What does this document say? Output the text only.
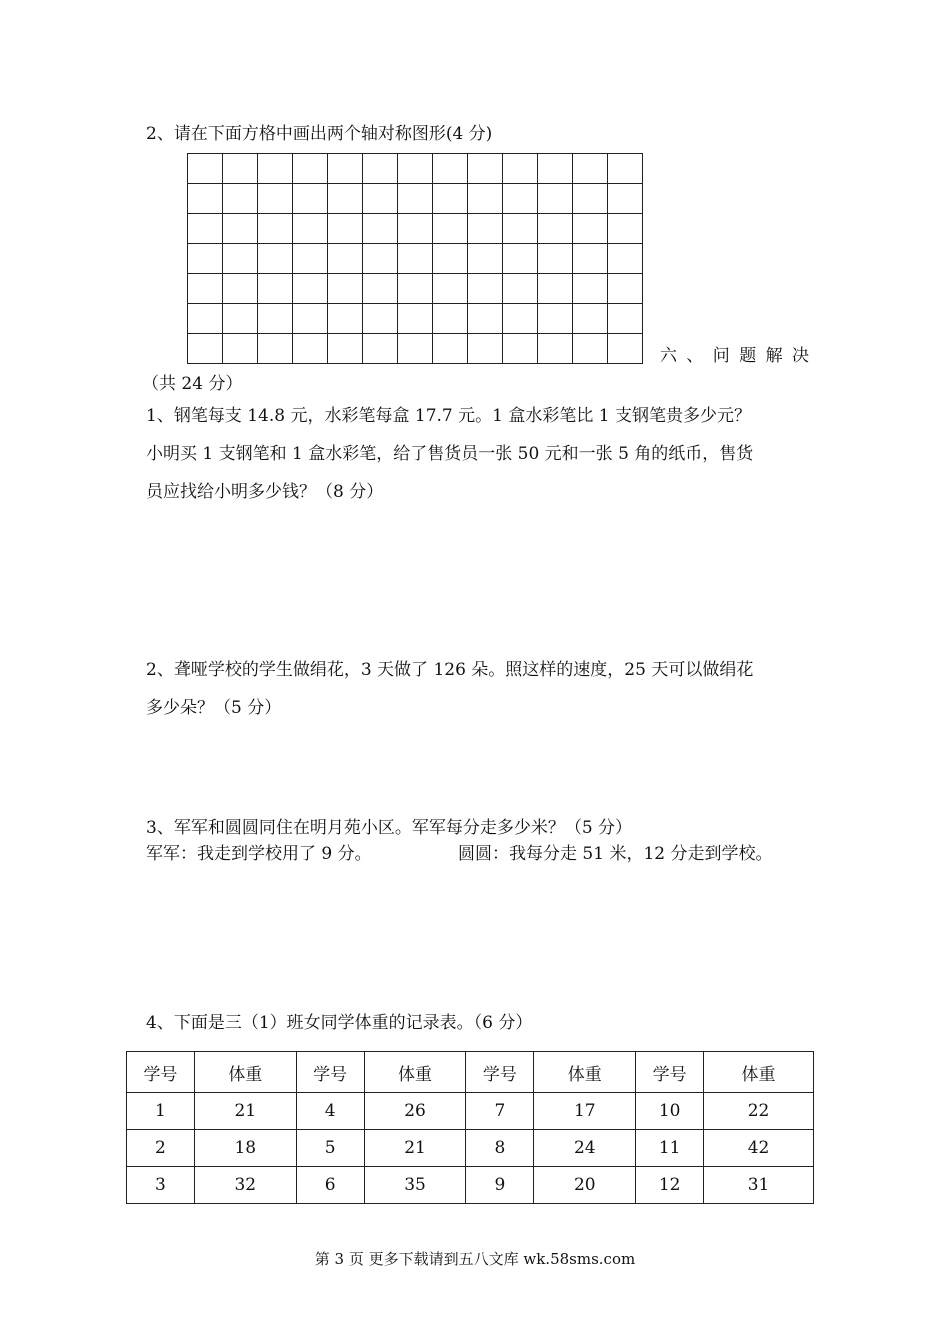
2、请在下面方格中画出两个轴对称图形(4 分)

六 、 问 题 解 决
（共 24 分）
1、钢笔每支 14.8 元，水彩笔每盒 17.7 元。1 盒水彩笔比 1 支钢笔贵多少元？
小明买 1 支钢笔和 1 盒水彩笔，给了售货员一张 50 元和一张 5 角的纸币，售货
员应找给小明多少钱？（8 分）
2、聋哑学校的学生做绢花，3 天做了 126 朵。照这样的速度，25 天可以做绢花
多少朵？（5 分）
3、军军和圆圆同住在明月苑小区。军军每分走多少米？（5 分）
军军：我走到学校用了 9 分。	圆圆：我每分走 51 米，12 分走到学校。
4、下面是三（1）班女同学体重的记录表。（6 分）
学号	体重	学号	体重	学号	体重	学号	体重
1	21	4	26	7	17	10	22
2	18	5	21	8	24	11	42
3	32	6	35	9	20	12	31
第 3 页 更多下载请到五八文库 wk.58sms.com
